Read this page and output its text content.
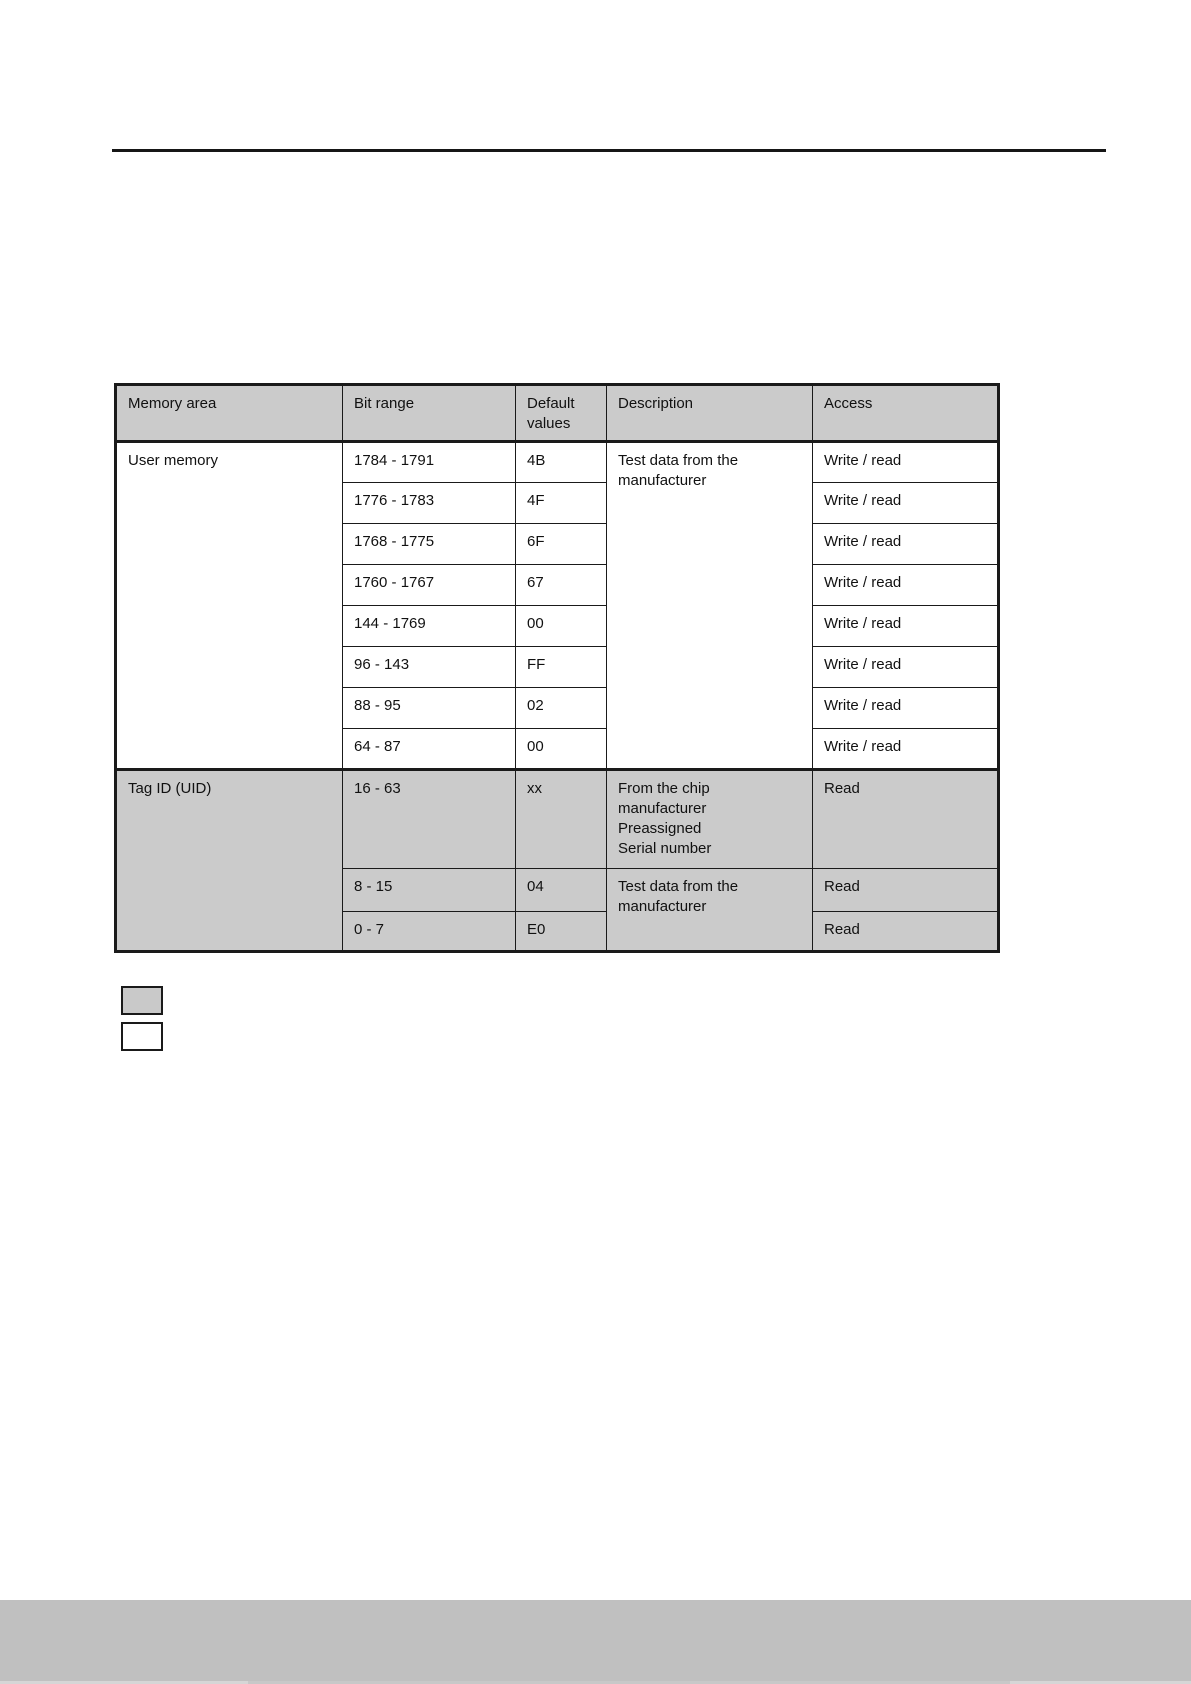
Memory area	Bit range	Default values	Description	Access
User memory	1784 - 1791	4B	Test data from the manufacturer	Write / read
	1776 - 1783	4F		Write / read
	1768 - 1775	6F		Write / read
	1760 - 1767	67		Write / read
	144 - 1769	00		Write / read
	96 - 143	FF		Write / read
	88 - 95	02		Write / read
	64 - 87	00		Write / read
Tag ID (UID)	16 - 63	xx	From the chip
manufacturer
Preassigned
Serial number	Read
	8 - 15	04	Test data from the manufacturer	Read
	0 - 7	E0		Read
